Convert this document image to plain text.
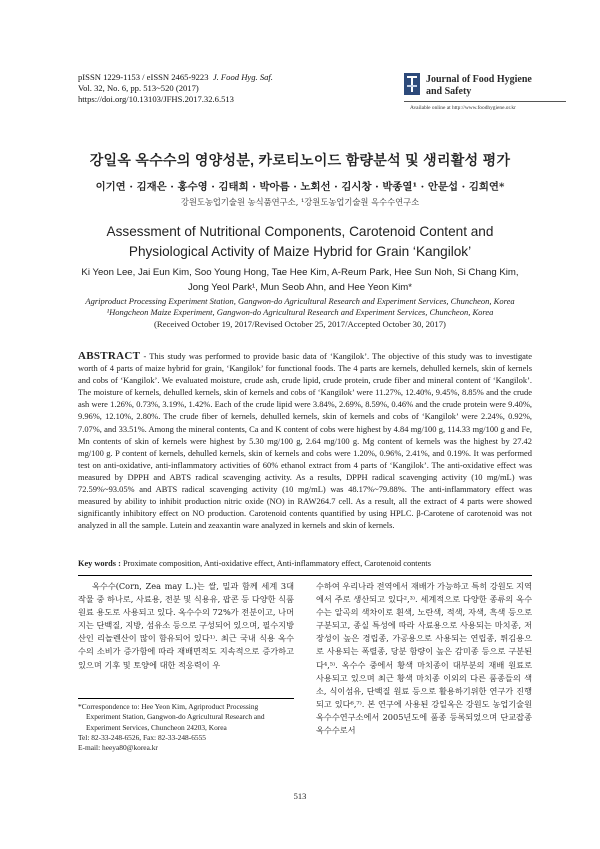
pISSN 1229-1153 / eISSN 2465-9223 J. Food Hyg. Saf.
Vol. 32, No. 6, pp. 513~520 (2017)
https://doi.org/10.13103/JFHS.2017.32.6.513
Journal of Food Hygiene
and Safety
Available online at http://www.foodhygiene.or.kr
강일옥 옥수수의 영양성분, 카로티노이드 함량분석 및 생리활성 평가
이기연 · 김재은 · 홍수영 · 김태희 · 박아름 · 노회선 · 김시창 · 박종열¹ · 안문섭 · 김희연*
강원도농업기술원 농식품연구소, ¹강원도농업기술원 옥수수연구소
Assessment of Nutritional Components, Carotenoid Content and
Physiological Activity of Maize Hybrid for Grain ‘Kangilok’
Ki Yeon Lee, Jai Eun Kim, Soo Young Hong, Tae Hee Kim, A-Reum Park, Hee Sun Noh, Si Chang Kim,
Jong Yeol Park¹, Mun Seob Ahn, and Hee Yeon Kim*
Agriproduct Processing Experiment Station, Gangwon-do Agricultural Research and Experiment Services, Chuncheon, Korea
¹Hongcheon Maize Experiment, Gangwon-do Agricultural Research and Experiment Services, Chuncheon, Korea
(Received October 19, 2017/Revised October 25, 2017/Accepted October 30, 2017)
ABSTRACT - This study was performed to provide basic data of ‘Kangilok’. The objective of this study was to investigate worth of 4 parts of maize hybrid for grain, ‘Kangilok’ for functional foods. The 4 parts are kernels, dehulled kernels, skin of kernels and cobs of ‘Kangilok’. We evaluated moisture, crude ash, crude lipid, crude protein, crude fiber and mineral content of ‘Kangilok’. The moisture of kernels, dehulled kernels, skin of kernels and cobs of ‘Kangilok’ were 11.27%, 12.40%, 9.45%, 8.85% and the crude ash were 1.26%, 0.73%, 3.19%, 1.42%. Each of the crude lipid were 3.84%, 2.69%, 8.59%, 0.46% and the crude protein were 9.40%, 9.96%, 12.10%, 2.80%. The crude fiber of kernels, dehulled kernels, skin of kernels and cobs of ‘Kangilok’ were 2.24%, 0.92%, 7.07%, and 33.51%. Among the mineral contents, Ca and K content of cobs were highest by 4.84 mg/100 g, 114.33 mg/100 g and Fe, Mn contents of skin of kernels were highest by 5.30 mg/100 g, 2.64 mg/100 g. Mg content of kernels was the highest by 27.42 mg/100 g. P content of kernels, dehulled kernels, skin of kernels and cobs were 1.20%, 0.96%, 2.41%, and 0.19%. It was performed test on anti-oxidative, anti-inflammatory activities of 60% ethanol extract from 4 parts of ‘Kangilok’. The anti-oxidative effect was measured by DPPH and ABTS radical scavenging activity. As a results, DPPH radical scavenging activity (10 mg/mL) was 72.59%~93.05% and ABTS radical scavenging activity (10 mg/mL) was 48.17%~79.88%. The anti-inflammatory effect was measured by ability to inhibit production nitric oxide (NO) in RAW264.7 cell. As a result, all the extract of 4 parts were showed significantly inhibitory effect on NO production. Carotenoid contents quantified by using HPLC. β-Carotene of carotenoid was not analyzed in all the sample. Lutein and zeaxantin ware analyzed in kernels and skin of kernels.
Key words : Proximate composition, Anti-oxidative effect, Anti-inflammatory effect, Carotenoid contents
옥수수(Corn, Zea may L.)는 쌀, 밀과 함께 세계 3대 작물 중 하나로, 사료용, 전분 및 식용유, 팝콘 등 다양한 식품원료 용도로 사용되고 있다. 옥수수의 72%가 전분이고, 나머지는 단백질, 지방, 섬유소 등으로 구성되어 있으며, 필수지방산인 리놀렌산이 많이 함유되어 있다¹⁾. 최근 국내 식용 옥수수의 소비가 증가함에 따라 재배면적도 지속적으로 증가하고 있으며 기후 및 토양에 대한 적응력이 우
수하여 우리나라 전역에서 재배가 가능하고 특히 강원도 지역에서 주로 생산되고 있다²,³⁾. 세계적으로 다양한 종류의 옥수수는 알곡의 색차이로 흰색, 노란색, 적색, 자색, 흑색 등으로 구분되고, 종실 특성에 따라 사료용으로 사용되는 마치종, 저장성이 높은 경립종, 가공용으로 사용되는 연립종, 튀김용으로 사용되는 폭렬종, 당분 함량이 높은 감미종 등으로 구분된다⁴,⁵⁾. 옥수수 중에서 황색 마치종이 대부분의 재배 원료로 사용되고 있으며 최근 황색 마치종 이외의 다른 품종들의 색소, 식이섬유, 단백질 원료 등으로 활용하기위한 연구가 진행되고 있다⁶,⁷⁾. 본 연구에 사용된 강일옥은 강원도 농업기술원 옥수수연구소에서 2005년도에 품종 등록되었으며 단교잡종 옥수수로서
*Correspondence to: Hee Yeon Kim, Agriproduct Processing Experiment Station, Gangwon-do Agricultural Research and Experiment Services, Chuncheon 24203, Korea
Tel: 82-33-248-6526, Fax: 82-33-248-6555
E-mail: heeya80@korea.kr
513
